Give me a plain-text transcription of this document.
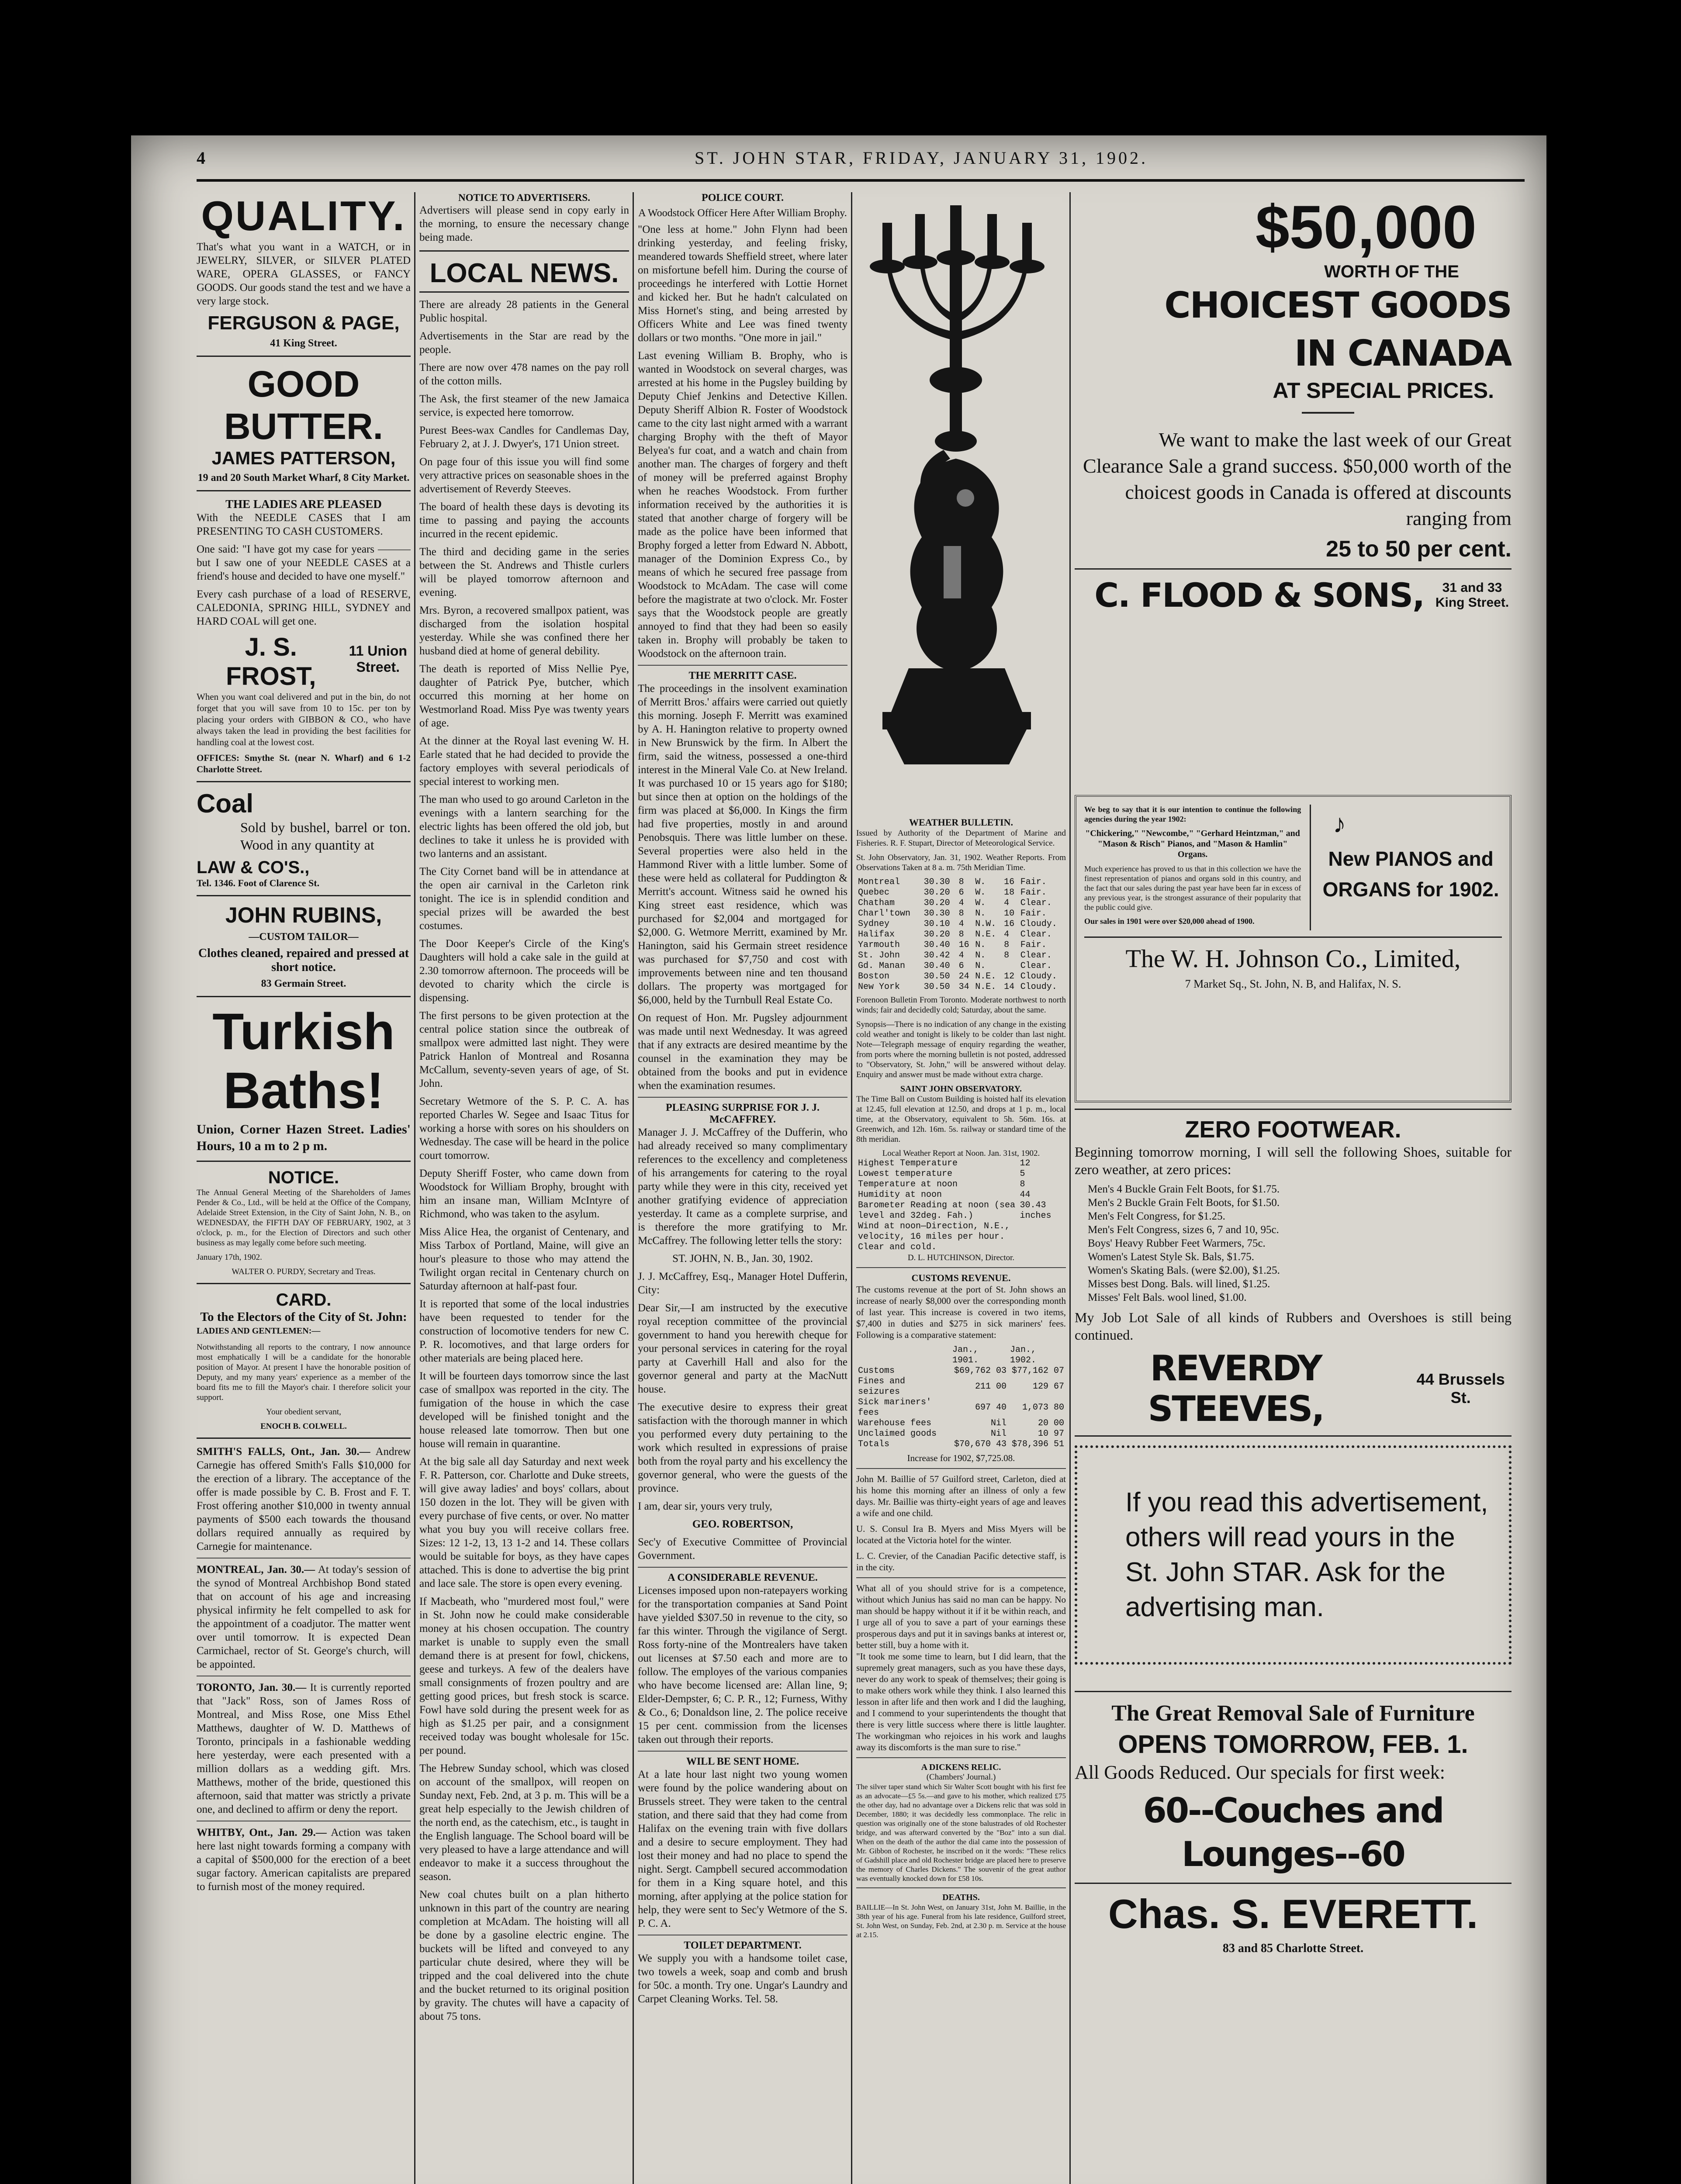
4	ST. JOHN STAR, FRIDAY, JANUARY 31, 1902.
QUALITY.

That's what you want in a WATCH, or in JEWELRY, SILVER, or SILVER PLATED WARE, OPERA GLASSES, or FANCY GOODS. Our goods stand the test and we have a very large stock.

FERGUSON & PAGE,
41 King Street.
GOOD BUTTER.
JAMES PATTERSON,
19 and 20 South Market Wharf, 8 City Market.
THE LADIES ARE PLEASED

With the NEEDLE CASES that I am PRESENTING TO CASH CUSTOMERS.

One said: "I have got my case for years ——— but I saw one of your NEEDLE CASES at a friend's house and decided to have one myself."

Every cash purchase of a load of RESERVE, CALEDONIA, SPRING HILL, SYDNEY and HARD COAL will get one.

J. S. FROST,
11 Union Street.

When you want coal delivered and put in the bin, do not forget that you will save from 10 to 15c. per ton by placing your orders with GIBBON & CO., who have always taken the lead in providing the best facilities for handling coal at the lowest cost.

OFFICES: Smythe St. (near N. Wharf) and 6 1-2 Charlotte Street.

Coal

Sold by bushel, barrel or ton. Wood in any quantity at

LAW & CO'S.,
Tel. 1346. Foot of Clarence St.
JOHN RUBINS,
—CUSTOM TAILOR—
Clothes cleaned, repaired and pressed at short notice.
83 Germain Street.
Turkish
Baths!

Union, Corner Hazen Street. Ladies' Hours, 10 a m to 2 p m.

NOTICE.

The Annual General Meeting of the Shareholders of James Pender & Co., Ltd., will be held at the Office of the Company, Adelaide Street Extension, in the City of Saint John, N. B., on WEDNESDAY, the FIFTH DAY OF FEBRUARY, 1902, at 3 o'clock, p. m., for the Election of Directors and such other business as may legally come before such meeting.

January 17th, 1902.

WALTER O. PURDY, Secretary and Treas.

CARD.
To the Electors of the City of St. John:

LADIES AND GENTLEMEN:—

Notwithstanding all reports to the contrary, I now announce most emphatically I will be a candidate for the honorable position of Mayor. At present I have the honorable position of Deputy, and my many years' experience as a member of the board fits me to fill the Mayor's chair. I therefore solicit your support.

Your obedient servant,

ENOCH B. COLWELL.

SMITH'S FALLS, Ont., Jan. 30.— Andrew Carnegie has offered Smith's Falls $10,000 for the erection of a library. The acceptance of the offer is made possible by C. B. Frost and F. T. Frost offering another $10,000 in twenty annual payments of $500 each towards the thousand dollars required annually as required by Carnegie for maintenance.

MONTREAL, Jan. 30.— At today's session of the synod of Montreal Archbishop Bond stated that on account of his age and increasing physical infirmity he felt compelled to ask for the appointment of a coadjutor. The matter went over until tomorrow. It is expected Dean Carmichael, rector of St. George's church, will be appointed.

TORONTO, Jan. 30.— It is currently reported that "Jack" Ross, son of James Ross of Montreal, and Miss Rose, one Miss Ethel Matthews, daughter of W. D. Matthews of Toronto, principals in a fashionable wedding here yesterday, were each presented with a million dollars as a wedding gift. Mrs. Matthews, mother of the bride, questioned this afternoon, said that matter was strictly a private one, and declined to affirm or deny the report.

WHITBY, Ont., Jan. 29.— Action was taken here last night towards forming a company with a capital of $500,000 for the erection of a beet sugar factory. American capitalists are prepared to furnish most of the money required.

NOTICE TO ADVERTISERS.

Advertisers will please send in copy early in the morning, to ensure the necessary change being made.

LOCAL NEWS.

There are already 28 patients in the General Public hospital.

Advertisements in the Star are read by the people.

There are now over 478 names on the pay roll of the cotton mills.

The Ask, the first steamer of the new Jamaica service, is expected here tomorrow.

Purest Bees-wax Candles for Candlemas Day, February 2, at J. J. Dwyer's, 171 Union street.

On page four of this issue you will find some very attractive prices on seasonable shoes in the advertisement of Reverdy Steeves.

The board of health these days is devoting its time to passing and paying the accounts incurred in the recent epidemic.

The third and deciding game in the series between the St. Andrews and Thistle curlers will be played tomorrow afternoon and evening.

Mrs. Byron, a recovered smallpox patient, was discharged from the isolation hospital yesterday. While she was confined there her husband died at home of general debility.

The death is reported of Miss Nellie Pye, daughter of Patrick Pye, butcher, which occurred this morning at her home on Westmorland Road. Miss Pye was twenty years of age.

At the dinner at the Royal last evening W. H. Earle stated that he had decided to provide the factory employes with several periodicals of special interest to working men.

The man who used to go around Carleton in the evenings with a lantern searching for the electric lights has been offered the old job, but declines to take it unless he is provided with two lanterns and an assistant.

The City Cornet band will be in attendance at the open air carnival in the Carleton rink tonight. The ice is in splendid condition and special prizes will be awarded the best costumes.

The Door Keeper's Circle of the King's Daughters will hold a cake sale in the guild at 2.30 tomorrow afternoon. The proceeds will be devoted to charity which the circle is dispensing.

The first persons to be given protection at the central police station since the outbreak of smallpox were admitted last night. They were Patrick Hanlon of Montreal and Rosanna McCallum, seventy-seven years of age, of St. John.

Secretary Wetmore of the S. P. C. A. has reported Charles W. Segee and Isaac Titus for working a horse with sores on his shoulders on Wednesday. The case will be heard in the police court tomorrow.

Deputy Sheriff Foster, who came down from Woodstock for William Brophy, brought with him an insane man, William McIntyre of Richmond, who was taken to the asylum.

Miss Alice Hea, the organist of Centenary, and Miss Tarbox of Portland, Maine, will give an hour's pleasure to those who may attend the Twilight organ recital in Centenary church on Saturday afternoon at half-past four.

It is reported that some of the local industries have been requested to tender for the construction of locomotive tenders for new C. P. R. locomotives, and that large orders for other materials are being placed here.

It will be fourteen days tomorrow since the last case of smallpox was reported in the city. The fumigation of the house in which the case developed will be finished tonight and the house released late tomorrow. Then but one house will remain in quarantine.

At the big sale all day Saturday and next week F. R. Patterson, cor. Charlotte and Duke streets, will give away ladies' and boys' collars, about 150 dozen in the lot. They will be given with every purchase of five cents, or over. No matter what you buy you will receive collars free. Sizes: 12 1-2, 13, 13 1-2 and 14. These collars would be suitable for boys, as they have capes attached. This is done to advertise the big print and lace sale. The store is open every evening.

If Macbeath, who "murdered most foul," were in St. John now he could make considerable money at his chosen occupation. The country market is unable to supply even the small demand there is at present for fowl, chickens, geese and turkeys. A few of the dealers have small consignments of frozen poultry and are getting good prices, but fresh stock is scarce. Fowl have sold during the present week for as high as $1.25 per pair, and a consignment received today was bought wholesale for 15c. per pound.

The Hebrew Sunday school, which was closed on account of the smallpox, will reopen on Sunday next, Feb. 2nd, at 3 p. m. This will be a great help especially to the Jewish children of the north end, as the catechism, etc., is taught in the English language. The School board will be very pleased to have a large attendance and will endeavor to make it a success throughout the season.

New coal chutes built on a plan hitherto unknown in this part of the country are nearing completion at McAdam. The hoisting will all be done by a gasoline electric engine. The buckets will be lifted and conveyed to any particular chute desired, where they will be tripped and the coal delivered into the chute and the bucket returned to its original position by gravity. The chutes will have a capacity of about 75 tons.

POLICE COURT.
A Woodstock Officer Here After William Brophy.

"One less at home." John Flynn had been drinking yesterday, and feeling frisky, meandered towards Sheffield street, where later on misfortune befell him. During the course of proceedings he interfered with Lottie Hornet and kicked her. But he hadn't calculated on Miss Hornet's sting, and being arrested by Officers White and Lee was fined twenty dollars or two months. "One more in jail."

Last evening William B. Brophy, who is wanted in Woodstock on several charges, was arrested at his home in the Pugsley building by Deputy Chief Jenkins and Detective Killen. Deputy Sheriff Albion R. Foster of Woodstock came to the city last night armed with a warrant charging Brophy with the theft of Mayor Belyea's fur coat, and a watch and chain from another man. The charges of forgery and theft of money will be preferred against Brophy when he reaches Woodstock. From further information received by the authorities it is stated that another charge of forgery will be made as the police have been informed that Brophy forged a letter from Edward N. Abbott, manager of the Dominion Express Co., by means of which he secured free passage from Woodstock to McAdam. The case will come before the magistrate at two o'clock. Mr. Foster says that the Woodstock people are greatly annoyed to find that they had been so easily taken in. Brophy will probably be taken to Woodstock on the afternoon train.

THE MERRITT CASE.

The proceedings in the insolvent examination of Merritt Bros.' affairs were carried out quietly this morning. Joseph F. Merritt was examined by A. H. Hanington relative to property owned in New Brunswick by the firm. In Albert the firm, said the witness, possessed a one-third interest in the Mineral Vale Co. at New Ireland. It was purchased 10 or 15 years ago for $180; but since then at option on the holdings of the firm was placed at $6,000. In Kings the firm had five properties, mostly in and around Penobsquis. There was little lumber on these. Several properties were also held in the Hammond River with a little lumber. Some of these were held as collateral for Puddington & Merritt's account. Witness said he owned his King street east residence, which was purchased for $2,004 and mortgaged for $2,000. G. Wetmore Merritt, examined by Mr. Hanington, said his Germain street residence was purchased for $7,750 and cost with improvements between nine and ten thousand dollars. The property was mortgaged for $6,000, held by the Turnbull Real Estate Co.

On request of Hon. Mr. Pugsley adjournment was made until next Wednesday. It was agreed that if any extracts are desired meantime by the counsel in the examination they may be obtained from the books and put in evidence when the examination resumes.

PLEASING SURPRISE FOR J. J. McCAFFREY.

Manager J. J. McCaffrey of the Dufferin, who had already received so many complimentary references to the excellency and completeness of his arrangements for catering to the royal party while they were in this city, received yet another gratifying evidence of appreciation yesterday. It came as a complete surprise, and is therefore the more gratifying to Mr. McCaffrey. The following letter tells the story:

ST. JOHN, N. B., Jan. 30, 1902.

J. J. McCaffrey, Esq., Manager Hotel Dufferin, City:

Dear Sir,—I am instructed by the executive royal reception committee of the provincial government to hand you herewith cheque for your personal services in catering for the royal party at Caverhill Hall and also for the governor general and party at the MacNutt house.

The executive desire to express their great satisfaction with the thorough manner in which you performed every duty pertaining to the work which resulted in expressions of praise both from the royal party and his excellency the governor general, who were the guests of the province.

I am, dear sir, yours very truly,

GEO. ROBERTSON,

Sec'y of Executive Committee of Provincial Government.

A CONSIDERABLE REVENUE.

Licenses imposed upon non-ratepayers working for the transportation companies at Sand Point have yielded $307.50 in revenue to the city, so far this winter. Through the vigilance of Sergt. Ross forty-nine of the Montrealers have taken out licenses at $7.50 each and more are to follow. The employes of the various companies who have become licensed are: Allan line, 9; Elder-Dempster, 6; C. P. R., 12; Furness, Withy & Co., 6; Donaldson line, 2. The police receive 15 per cent. commission from the licenses taken out through their reports.

WILL BE SENT HOME.

At a late hour last night two young women were found by the police wandering about on Brussels street. They were taken to the central station, and there said that they had come from Halifax on the evening train with five dollars and a desire to secure employment. They had lost their money and had no place to spend the night. Sergt. Campbell secured accommodation for them in a King square hotel, and this morning, after applying at the police station for help, they were sent to Sec'y Wetmore of the S. P. C. A.

TOILET DEPARTMENT.

We supply you with a handsome toilet case, two towels a week, soap and comb and brush for 50c. a month. Try one. Ungar's Laundry and Carpet Cleaning Works. Tel. 58.

WEATHER BULLETIN.

Issued by Authority of the Department of Marine and Fisheries. R. F. Stupart, Director of Meteorological Service.

St. John Observatory, Jan. 31, 1902. Weather Reports. From Observations Taken at 8 a. m. 75th Meridian Time.

Montreal	30.30	8	W.	16	Fair.
Quebec	30.20	6	W.	18	Fair.
Chatham	30.20	4	W.	4	Clear.
Charl'town	30.30	8	N.	10	Fair.
Sydney	30.10	4	N.W.	16	Cloudy.
Halifax	30.20	8	N.E.	4	Clear.
Yarmouth	30.40	16	N.	8	Fair.
St. John	30.42	4	N.	8	Clear.
Gd. Manan	30.40	6	N.		Clear.
Boston	30.50	24	N.E.	12	Cloudy.
New York	30.50	34	N.E.	14	Cloudy.

Forenoon Bulletin From Toronto. Moderate northwest to north winds; fair and decidedly cold; Saturday, about the same.

Synopsis—There is no indication of any change in the existing cold weather and tonight is likely to be colder than last night. Note—Telegraph message of enquiry regarding the weather, from ports where the morning bulletin is not posted, addressed to "Observatory, St. John," will be answered without delay. Enquiry and answer must be made without extra charge.

SAINT JOHN OBSERVATORY.

The Time Ball on Custom Building is hoisted half its elevation at 12.45, full elevation at 12.50, and drops at 1 p. m., local time, at the Observatory, equivalent to 5h. 56m. 16s. at Greenwich, and 12h. 16m. 5s. railway or standard time of the 8th meridian.

Local Weather Report at Noon. Jan. 31st, 1902.
Highest Temperature	12
Lowest temperature	5
Temperature at noon	8
Humidity at noon	44
Barometer Reading at noon (sea level and 32deg. Fah.)	30.43 inches
Wind at noon—Direction, N.E., velocity, 16 miles per hour.	
Clear and cold.	

D. L. HUTCHINSON, Director.

CUSTOMS REVENUE.

The customs revenue at the port of St. John shows an increase of nearly $8,000 over the corresponding month of last year. This increase is covered in two items, $7,400 in duties and $275 in sick mariners' fees. Following is a comparative statement:

	Jan., 1901.	Jan., 1902.
Customs	$69,762 03	$77,162 07
Fines and seizures	211 00	129 67
Sick mariners' fees	697 40	1,073 80
Warehouse fees	Nil	20 00
Unclaimed goods	Nil	10 97
Totals	$70,670 43	$78,396 51

Increase for 1902, $7,725.08.

John M. Baillie of 57 Guilford street, Carleton, died at his home this morning after an illness of only a few days. Mr. Baillie was thirty-eight years of age and leaves a wife and one child.

U. S. Consul Ira B. Myers and Miss Myers will be located at the Victoria hotel for the winter.

L. C. Crevier, of the Canadian Pacific detective staff, is in the city.

What all of you should strive for is a competence, without which Junius has said no man can be happy. No man should be happy without it if it be within reach, and I urge all of you to save a part of your earnings these prosperous days and put it in savings banks at interest or, better still, buy a home with it.
"It took me some time to learn, but I did learn, that the supremely great managers, such as you have these days, never do any work to speak of themselves; their going is to make others work while they think. I also learned this lesson in after life and then work and I did the laughing, and I commend to your superintendents the thought that there is very little success where there is little laughter. The workingman who rejoices in his work and laughs away its discomforts is the man sure to rise."

A DICKENS RELIC.
(Chambers' Journal.)

The silver taper stand which Sir Walter Scott bought with his first fee as an advocate—£5 5s.—and gave to his mother, which realized £75 the other day, had no advantage over a Dickens relic that was sold in December, 1880; it was decidedly less commonplace. The relic in question was originally one of the stone balustrades of old Rochester bridge, and was afterward converted by the "Boz" into a sun dial. When on the death of the author the dial came into the possession of Mr. Gibbon of Rochester, he inscribed on it the words: "These relics of Gadshill place and old Rochester bridge are placed here to preserve the memory of Charles Dickens." The souvenir of the great author was eventually knocked down for £58 10s.

DEATHS.

BAILLIE—In St. John West, on January 31st, John M. Baillie, in the 38th year of his age. Funeral from his late residence, Guilford street, St. John West, on Sunday, Feb. 2nd, at 2.30 p. m. Service at the house at 2.15.

$50,000
WORTH OF THE
CHOICEST GOODS
IN CANADA
AT SPECIAL PRICES.

We want to make the last week of our Great Clearance Sale a grand success. $50,000 worth of the choicest goods in Canada is offered at discounts ranging from

25 to 50 per cent.
C. FLOOD & SONS,	31 and 33 King Street.

We beg to say that it is our intention to continue the following agencies during the year 1902:

"Chickering," "Newcombe," "Gerhard Heintzman," and "Mason & Risch" Pianos, and "Mason & Hamlin" Organs.

Much experience has proved to us that in this collection we have the finest representation of pianos and organs sold in this country, and the fact that our sales during the past year have been far in excess of any previous year, is the strongest assurance of their popularity that the public could give.

Our sales in 1901 were over $20,000 ahead of 1900.

♪
New PIANOS and ORGANS for 1902.
The W. H. Johnson Co., Limited,
7 Market Sq., St. John, N. B, and Halifax, N. S.
ZERO FOOTWEAR.

Beginning tomorrow morning, I will sell the following Shoes, suitable for zero weather, at zero prices:

Men's 4 Buckle Grain Felt Boots, for $1.75.
Men's 2 Buckle Grain Felt Boots, for $1.50.
Men's Felt Congress, for $1.25.
Men's Felt Congress, sizes 6, 7 and 10, 95c.
Boys' Heavy Rubber Feet Warmers, 75c.
Women's Latest Style Sk. Bals, $1.75.
Women's Skating Bals. (were $2.00), $1.25.
Misses best Dong. Bals. will lined, $1.25.
Misses' Felt Bals. wool lined, $1.00.

My Job Lot Sale of all kinds of Rubbers and Overshoes is still being continued.

REVERDY STEEVES,
44 Brussels St.

If you read this advertisement, others will read yours in the St. John STAR. Ask for the advertising man.

The Great Removal Sale of Furniture
OPENS TOMORROW, FEB. 1.

All Goods Reduced. Our specials for first week:

60--Couches and Lounges--60
Chas. S. EVERETT.
83 and 85 Charlotte Street.
